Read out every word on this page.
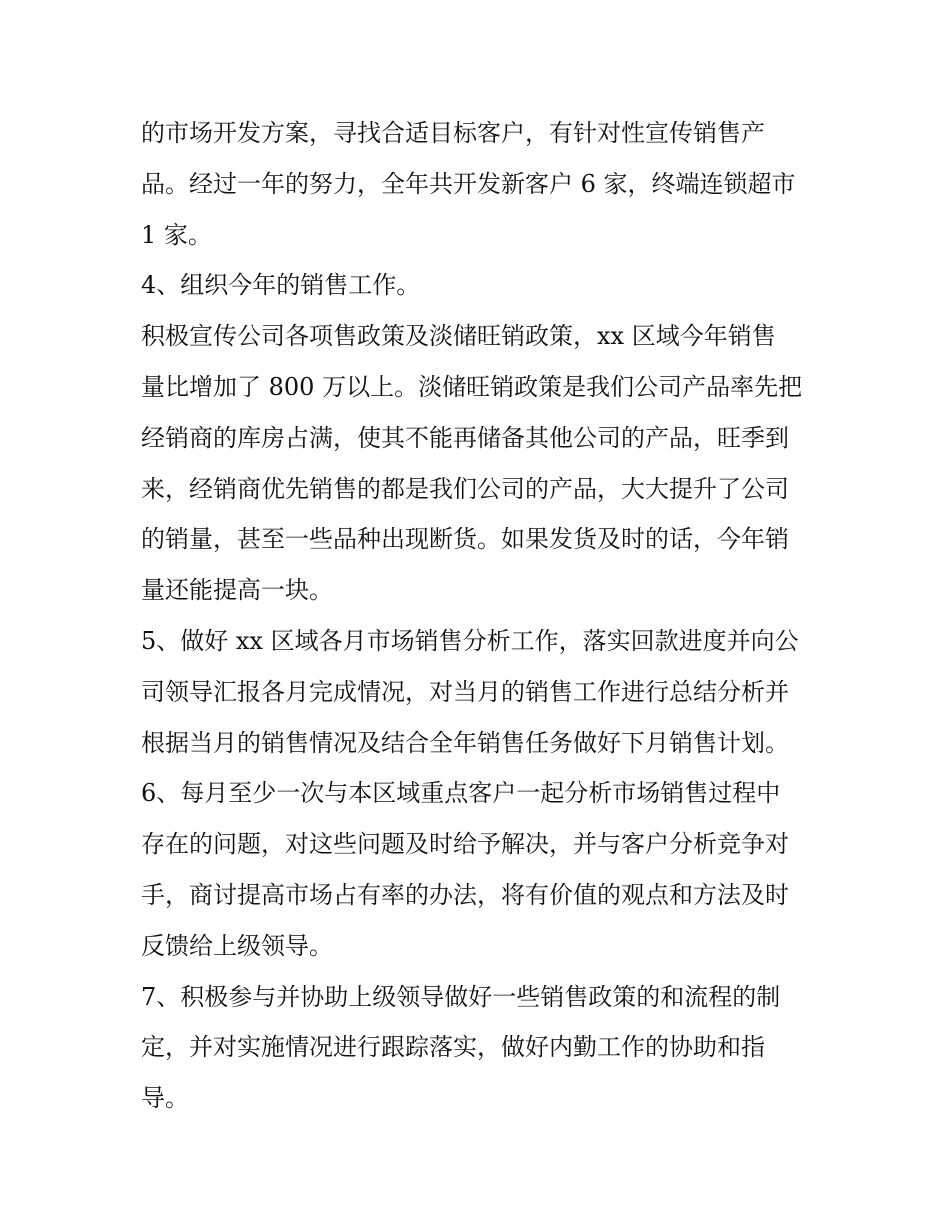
的市场开发方案，寻找合适目标客户，有针对性宣传销售产
品。经过一年的努力，全年共开发新客户 6 家，终端连锁超市
1 家。
4、组织今年的销售工作。
积极宣传公司各项售政策及淡储旺销政策，xx 区域今年销售
量比增加了 800 万以上。淡储旺销政策是我们公司产品率先把
经销商的库房占满，使其不能再储备其他公司的产品，旺季到
来，经销商优先销售的都是我们公司的产品，大大提升了公司
的销量，甚至一些品种出现断货。如果发货及时的话，今年销
量还能提高一块。
5、做好 xx 区域各月市场销售分析工作，落实回款进度并向公
司领导汇报各月完成情况，对当月的销售工作进行总结分析并
根据当月的销售情况及结合全年销售任务做好下月销售计划。
6、每月至少一次与本区域重点客户一起分析市场销售过程中
存在的问题，对这些问题及时给予解决，并与客户分析竞争对
手，商讨提高市场占有率的办法，将有价值的观点和方法及时
反馈给上级领导。
7、积极参与并协助上级领导做好一些销售政策的和流程的制
定，并对实施情况进行跟踪落实，做好内勤工作的协助和指
导。
